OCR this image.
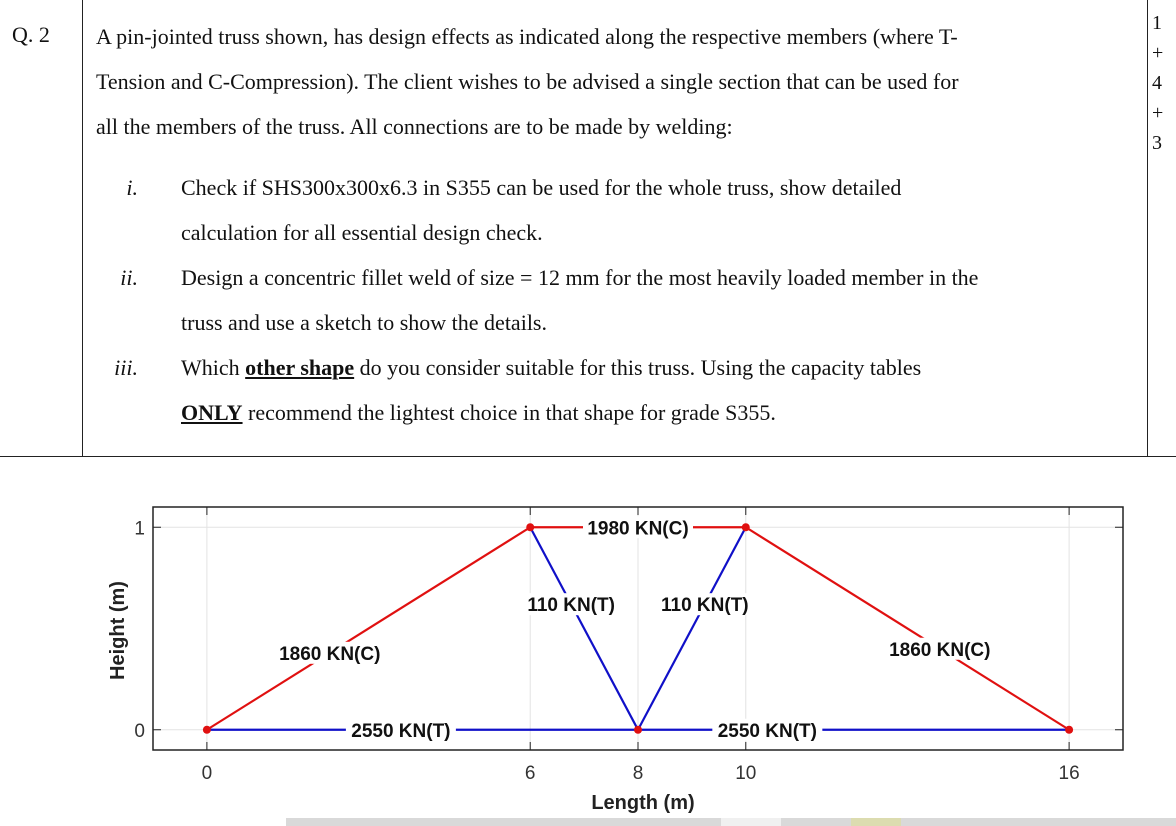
Q. 2 A pin-jointed truss shown, has design effects as indicated along the respective members (where T-
Tension and C-Compression). The client wishes to be advised a single section that can be used for
all the members of the truss. All connections are to be made by welding:
i. Check if SHS300x300x6.3 in S355 can be used for the whole truss, show detailed
calculation for all essential design check.
ii. Design a concentric fillet weld of size = 12 mm for the most heavily loaded member in the
truss and use a sketch to show the details.
iii. Which other shape do you consider suitable for this truss. Using the capacity tables
ONLY recommend the lightest choice in that shape for grade S355.
1
+
4
+
3
1860 KN(C)
1980 KN(C)
1860 KN(C)
110 KN(T) 110 KN(T)
2550 KN(T)	2550 KN(T)
0	6	8	10	16
0
1
Length (m)
Height (m)
